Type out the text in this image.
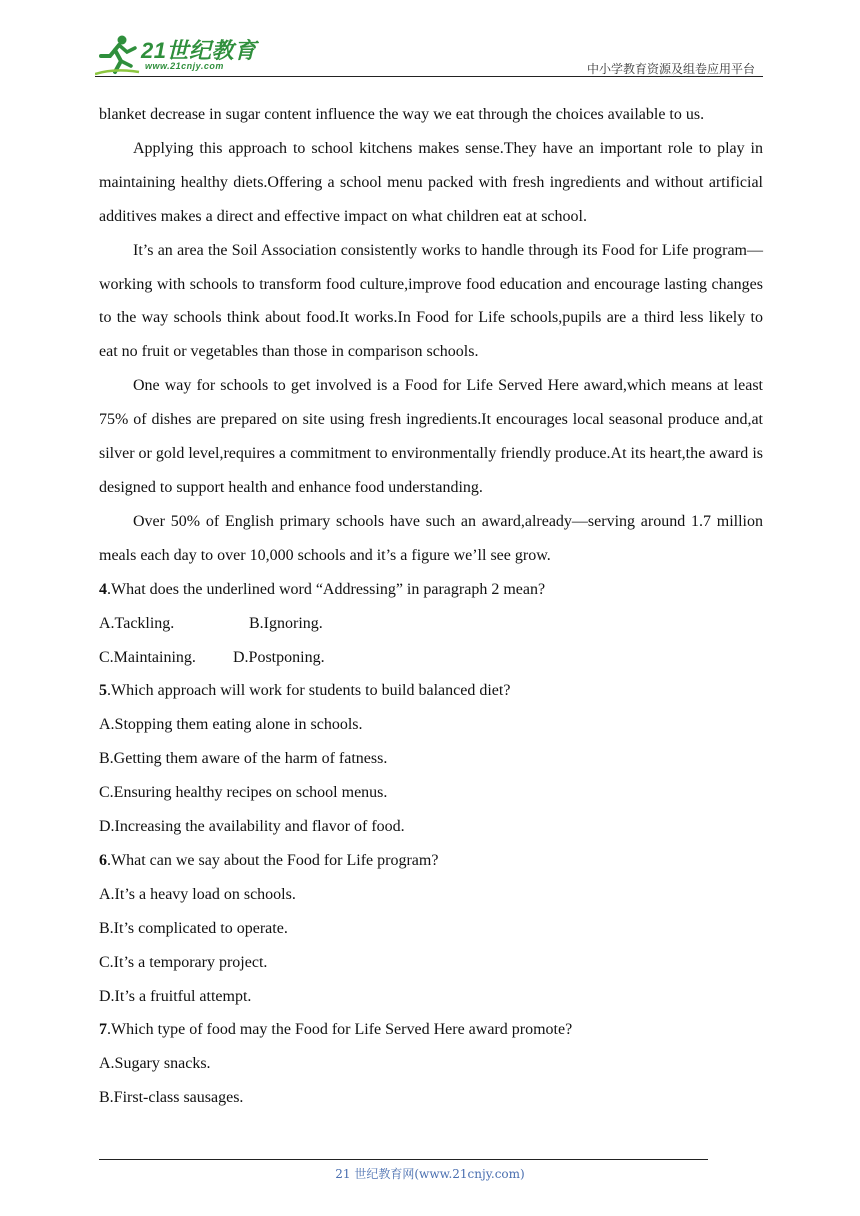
21世纪教育
www.21cnjy.com	中小学教育资源及组卷应用平台

blanket decrease in sugar content influence the way we eat through the choices available to us.

Applying this approach to school kitchens makes sense.They have an important role to play in maintaining healthy diets.Offering a school menu packed with fresh ingredients and without artificial additives makes a direct and effective impact on what children eat at school.

It’s an area the Soil Association consistently works to handle through its Food for Life program—working with schools to transform food culture,improve food education and encourage lasting changes to the way schools think about food.It works.In Food for Life schools,pupils are a third less likely to eat no fruit or vegetables than those in comparison schools.

One way for schools to get involved is a Food for Life Served Here award,which means at least 75% of dishes are prepared on site using fresh ingredients.It encourages local seasonal produce and,at silver or gold level,requires a commitment to environmentally friendly produce.At its heart,the award is designed to support health and enhance food understanding.

Over 50% of English primary schools have such an award,already—serving around 1.7 million meals each day to over 10,000 schools and it’s a figure we’ll see grow.

4.What does the underlined word “Addressing” in paragraph 2 mean?

A.Tackling.	B.Ignoring.

C.Maintaining. D.Postponing.

5.Which approach will work for students to build balanced diet?

A.Stopping them eating alone in schools.

B.Getting them aware of the harm of fatness.

C.Ensuring healthy recipes on school menus.

D.Increasing the availability and flavor of food.

6.What can we say about the Food for Life program?

A.It’s a heavy load on schools.

B.It’s complicated to operate.

C.It’s a temporary project.

D.It’s a fruitful attempt.

7.Which type of food may the Food for Life Served Here award promote?

A.Sugary snacks.

B.First-class sausages.

21 世纪教育网(www.21cnjy.com)
